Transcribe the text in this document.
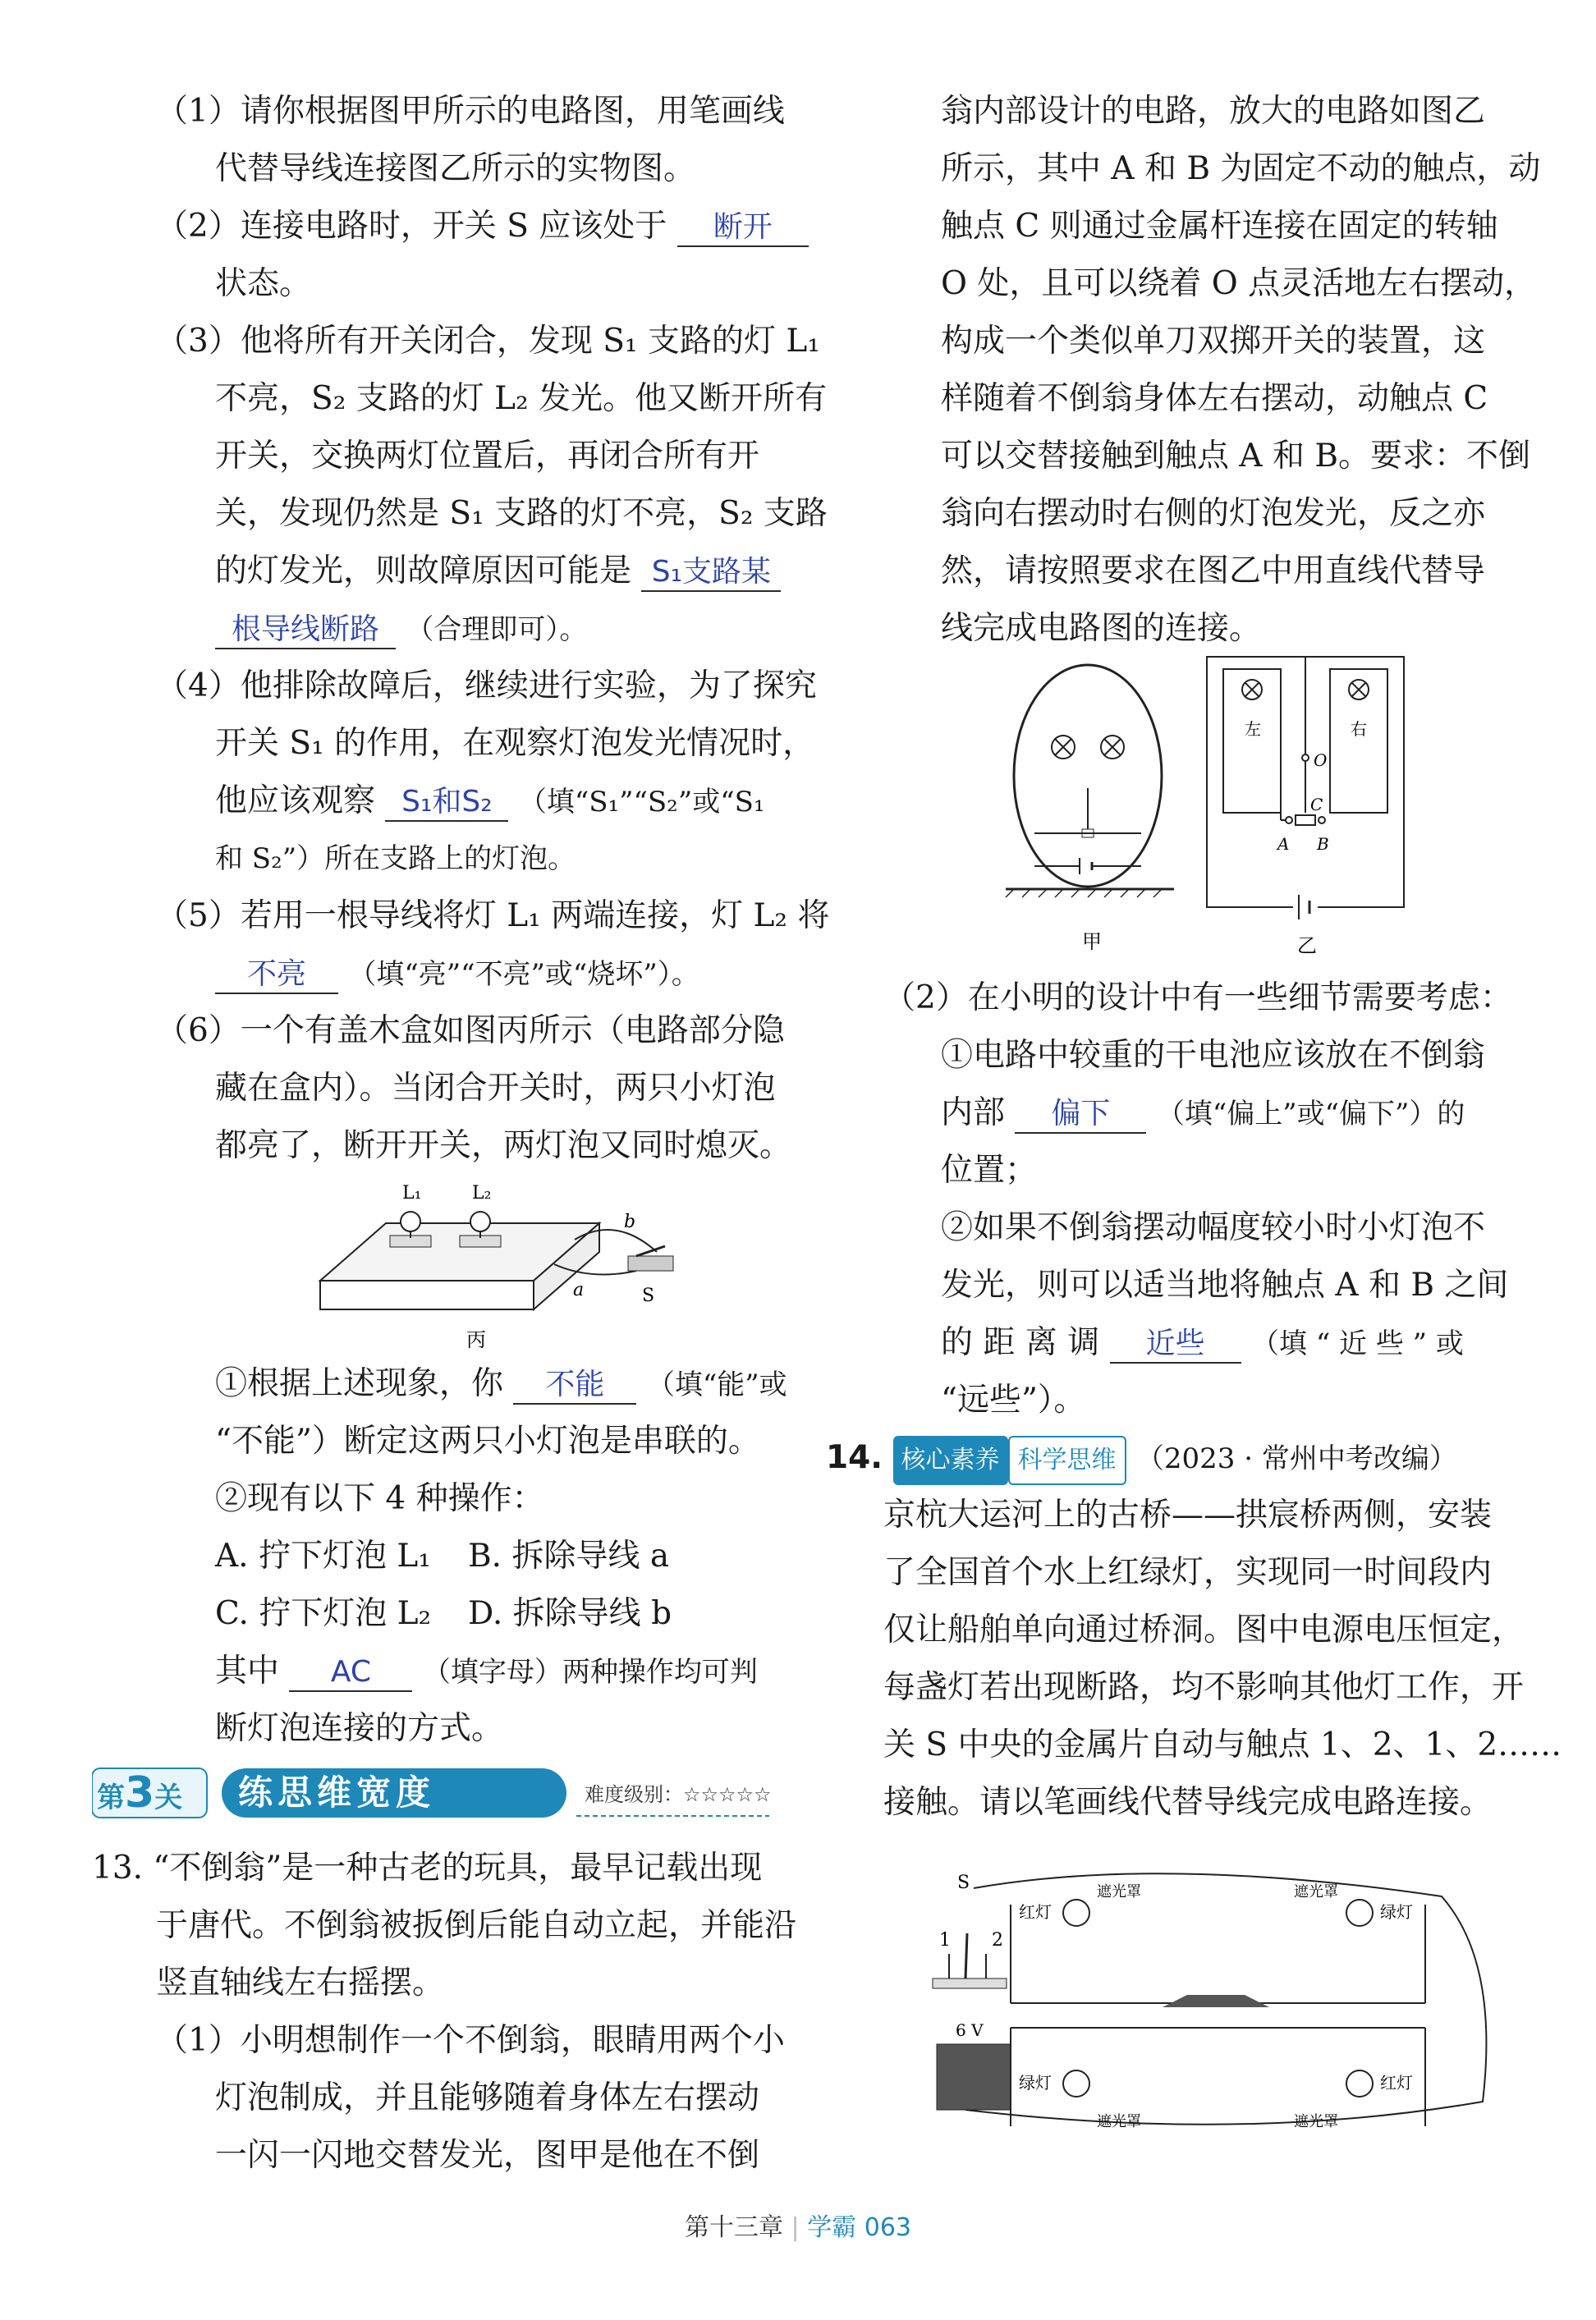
（1）请你根据图甲所示的电路图，用笔画线
代替导线连接图乙所示的实物图。
（2）连接电路时，开关 S 应该处于 断开
状态。
（3）他将所有开关闭合，发现 S₁ 支路的灯 L₁
不亮，S₂ 支路的灯 L₂ 发光。他又断开所有
开关，交换两灯位置后，再闭合所有开
关，发现仍然是 S₁ 支路的灯不亮，S₂ 支路
的灯发光，则故障原因可能是 S₁支路某
根导线断路 （合理即可）。
（4）他排除故障后，继续进行实验，为了探究
开关 S₁ 的作用，在观察灯泡发光情况时，
他应该观察 S₁和S₂ （填“S₁”“S₂”或“S₁
和 S₂”）所在支路上的灯泡。
（5）若用一根导线将灯 L₁ 两端连接，灯 L₂ 将
不亮 （填“亮”“不亮”或“烧坏”）。
（6）一个有盖木盒如图丙所示（电路部分隐
藏在盒内）。当闭合开关时，两只小灯泡
都亮了，断开开关，两灯泡又同时熄灭。
L₁	L₂
b
a	S
丙
①根据上述现象，你 不能 （填“能”或
“不能”）断定这两只小灯泡是串联的。
②现有以下 4 种操作：
A. 拧下灯泡 L₁ B. 拆除导线 a
C. 拧下灯泡 L₂ D. 拆除导线 b
其中 AC （填字母）两种操作均可判
断灯泡连接的方式。
第3关 练思维宽度	难度级别：☆☆☆☆☆
13. “不倒翁”是一种古老的玩具，最早记载出现
于唐代。不倒翁被扳倒后能自动立起，并能沿
竖直轴线左右摇摆。
（1）小明想制作一个不倒翁，眼睛用两个小
灯泡制成，并且能够随着身体左右摆动
一闪一闪地交替发光，图甲是他在不倒
翁内部设计的电路，放大的电路如图乙
所示，其中 A 和 B 为固定不动的触点，动
触点 C 则通过金属杆连接在固定的转轴
O 处，且可以绕着 O 点灵活地左右摆动，
构成一个类似单刀双掷开关的装置，这
样随着不倒翁身体左右摆动，动触点 C
可以交替接触到触点 A 和 B。要求：不倒
翁向右摆动时右侧的灯泡发光，反之亦
然，请按照要求在图乙中用直线代替导
线完成电路图的连接。
甲
左	右
O
C
A B
乙
（2）在小明的设计中有一些细节需要考虑：
①电路中较重的干电池应该放在不倒翁
内部 偏下 （填“偏上”或“偏下”）的
位置；
②如果不倒翁摆动幅度较小时小灯泡不
发光，则可以适当地将触点 A 和 B 之间
的 距 离 调 近些 （填 “ 近 些 ” 或
“远些”）。
14. 核心素养 科学思维 （2023 · 常州中考改编）
京杭大运河上的古桥——拱宸桥两侧，安装
了全国首个水上红绿灯，实现同一时间段内
仅让船舶单向通过桥洞。图中电源电压恒定，
每盏灯若出现断路，均不影响其他灯工作，开
关 S 中央的金属片自动与触点 1、2、1、2……
接触。请以笔画线代替导线完成电路连接。
S
1 2
6 V
红灯	绿灯
绿灯	红灯
遮光罩	遮光罩
遮光罩	遮光罩
第十三章 | 学霸 063
